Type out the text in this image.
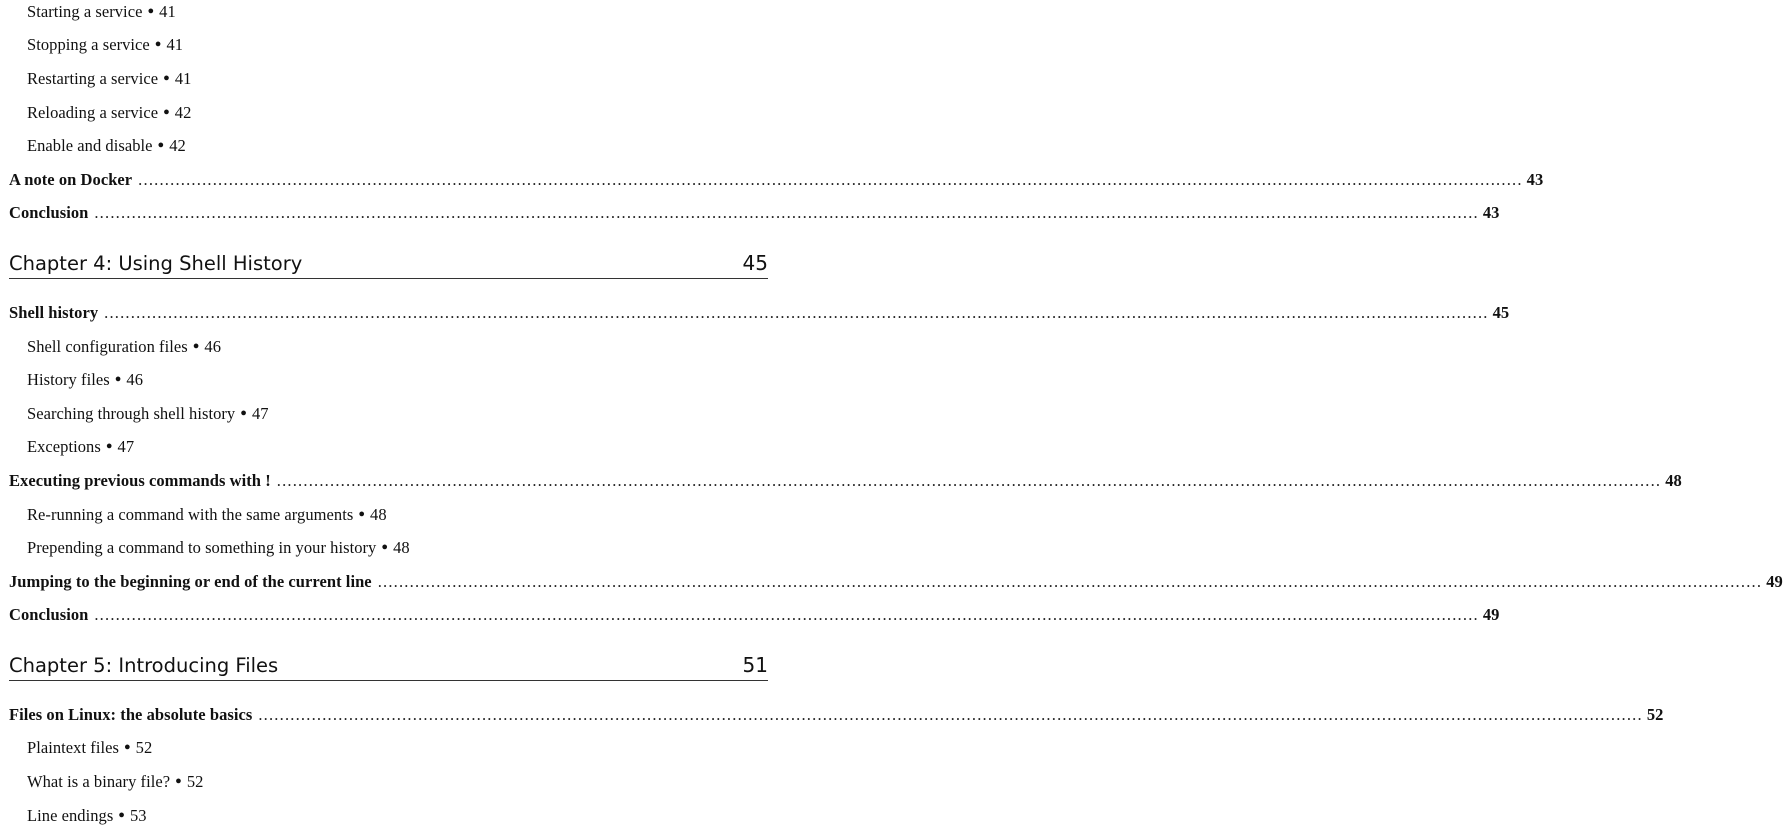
Starting a service ● 41
Stopping a service ● 41
Restarting a service ● 41
Reloading a service ● 42
Enable and disable ● 42
A note on Docker .................................................................................................................................................................................................................................................................... 43
Conclusion .................................................................................................................................................................................................................................................................... 43
Chapter 4: Using Shell History	45
Shell history .................................................................................................................................................................................................................................................................... 45
Shell configuration files ● 46
History files ● 46
Searching through shell history ● 47
Exceptions ● 47
Executing previous commands with ! .................................................................................................................................................................................................................................................................... 48
Re-running a command with the same arguments ● 48
Prepending a command to something in your history ● 48
Jumping to the beginning or end of the current line .................................................................................................................................................................................................................................................................... 49
Conclusion .................................................................................................................................................................................................................................................................... 49
Chapter 5: Introducing Files	51
Files on Linux: the absolute basics .................................................................................................................................................................................................................................................................... 52
Plaintext files ● 52
What is a binary file? ● 52
Line endings ● 53
